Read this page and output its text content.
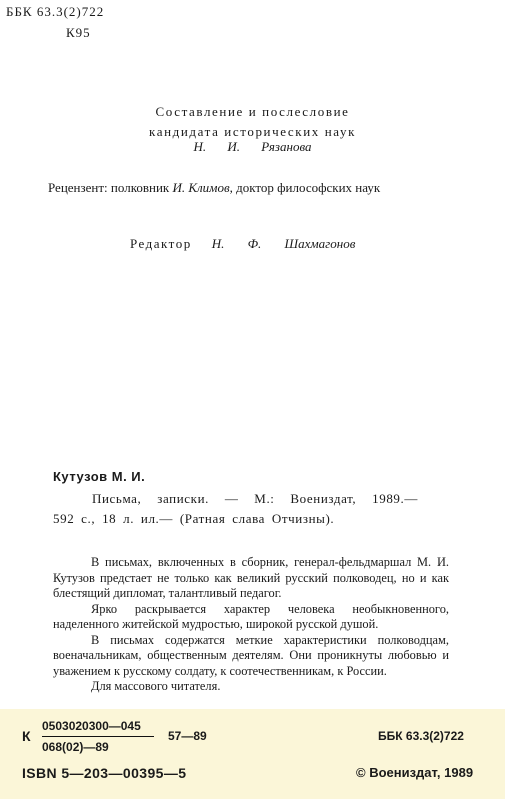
ББК 63.3(2)722
К95
Составление и послесловие
кандидата исторических наук
Н. И. Рязанова
Рецензент: полковник И. Климов, доктор философских наук
Редактор Н. Ф. Шахмагонов
Кутузов М. И.
Письма, записки. — М.: Воениздат, 1989.—
592 с., 18 л. ил.— (Ратная слава Отчизны).

В письмах, включенных в сборник, генерал-фельдмаршал М. И. Кутузов предстает не только как великий русский полководец, но и как блестящий дипломат, талантливый педагог.

Ярко раскрывается характер человека необыкновенного, наделенного житейской мудростью, широкой русской душой.

В письмах содержатся меткие характеристики полководцам, военачальникам, общественным деятелям. Они проникнуты любовью и уважением к русскому солдату, к соотечественникам, к России.

Для массового читателя.

К
0503020300—045
068(02)—89
57—89	ББК 63.3(2)722
ISBN 5—203—00395—5	© Воениздат, 1989
